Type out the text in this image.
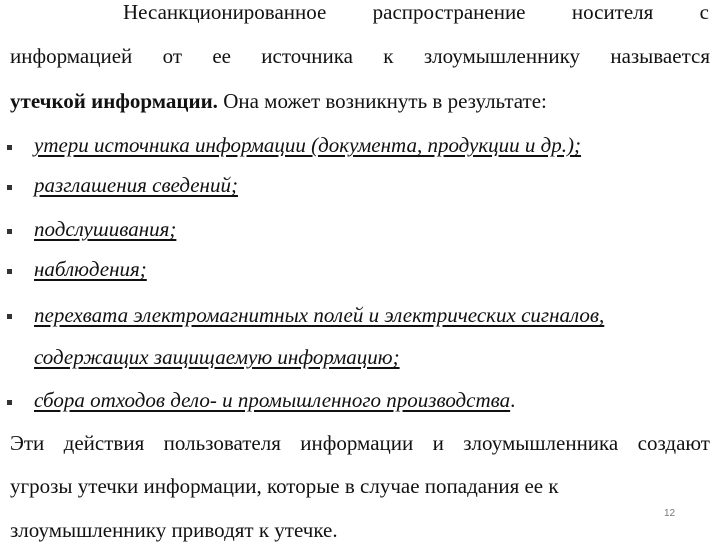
Несанкционированное распространение носителя с
информацией от ее источника к злоумышленнику называется
утечкой информации. Она может возникнуть в результате:
утери источника информации (документа, продукции и др.);
разглашения сведений;
подслушивания;
наблюдения;
перехвата электромагнитных полей и электрических сигналов,
содержащих защищаемую информацию;
сбора отходов дело- и промышленного производства.
Эти действия пользователя информации и злоумышленника создают
угрозы утечки информации, которые в случае попадания ее к
злоумышленнику приводят к утечке.
12
